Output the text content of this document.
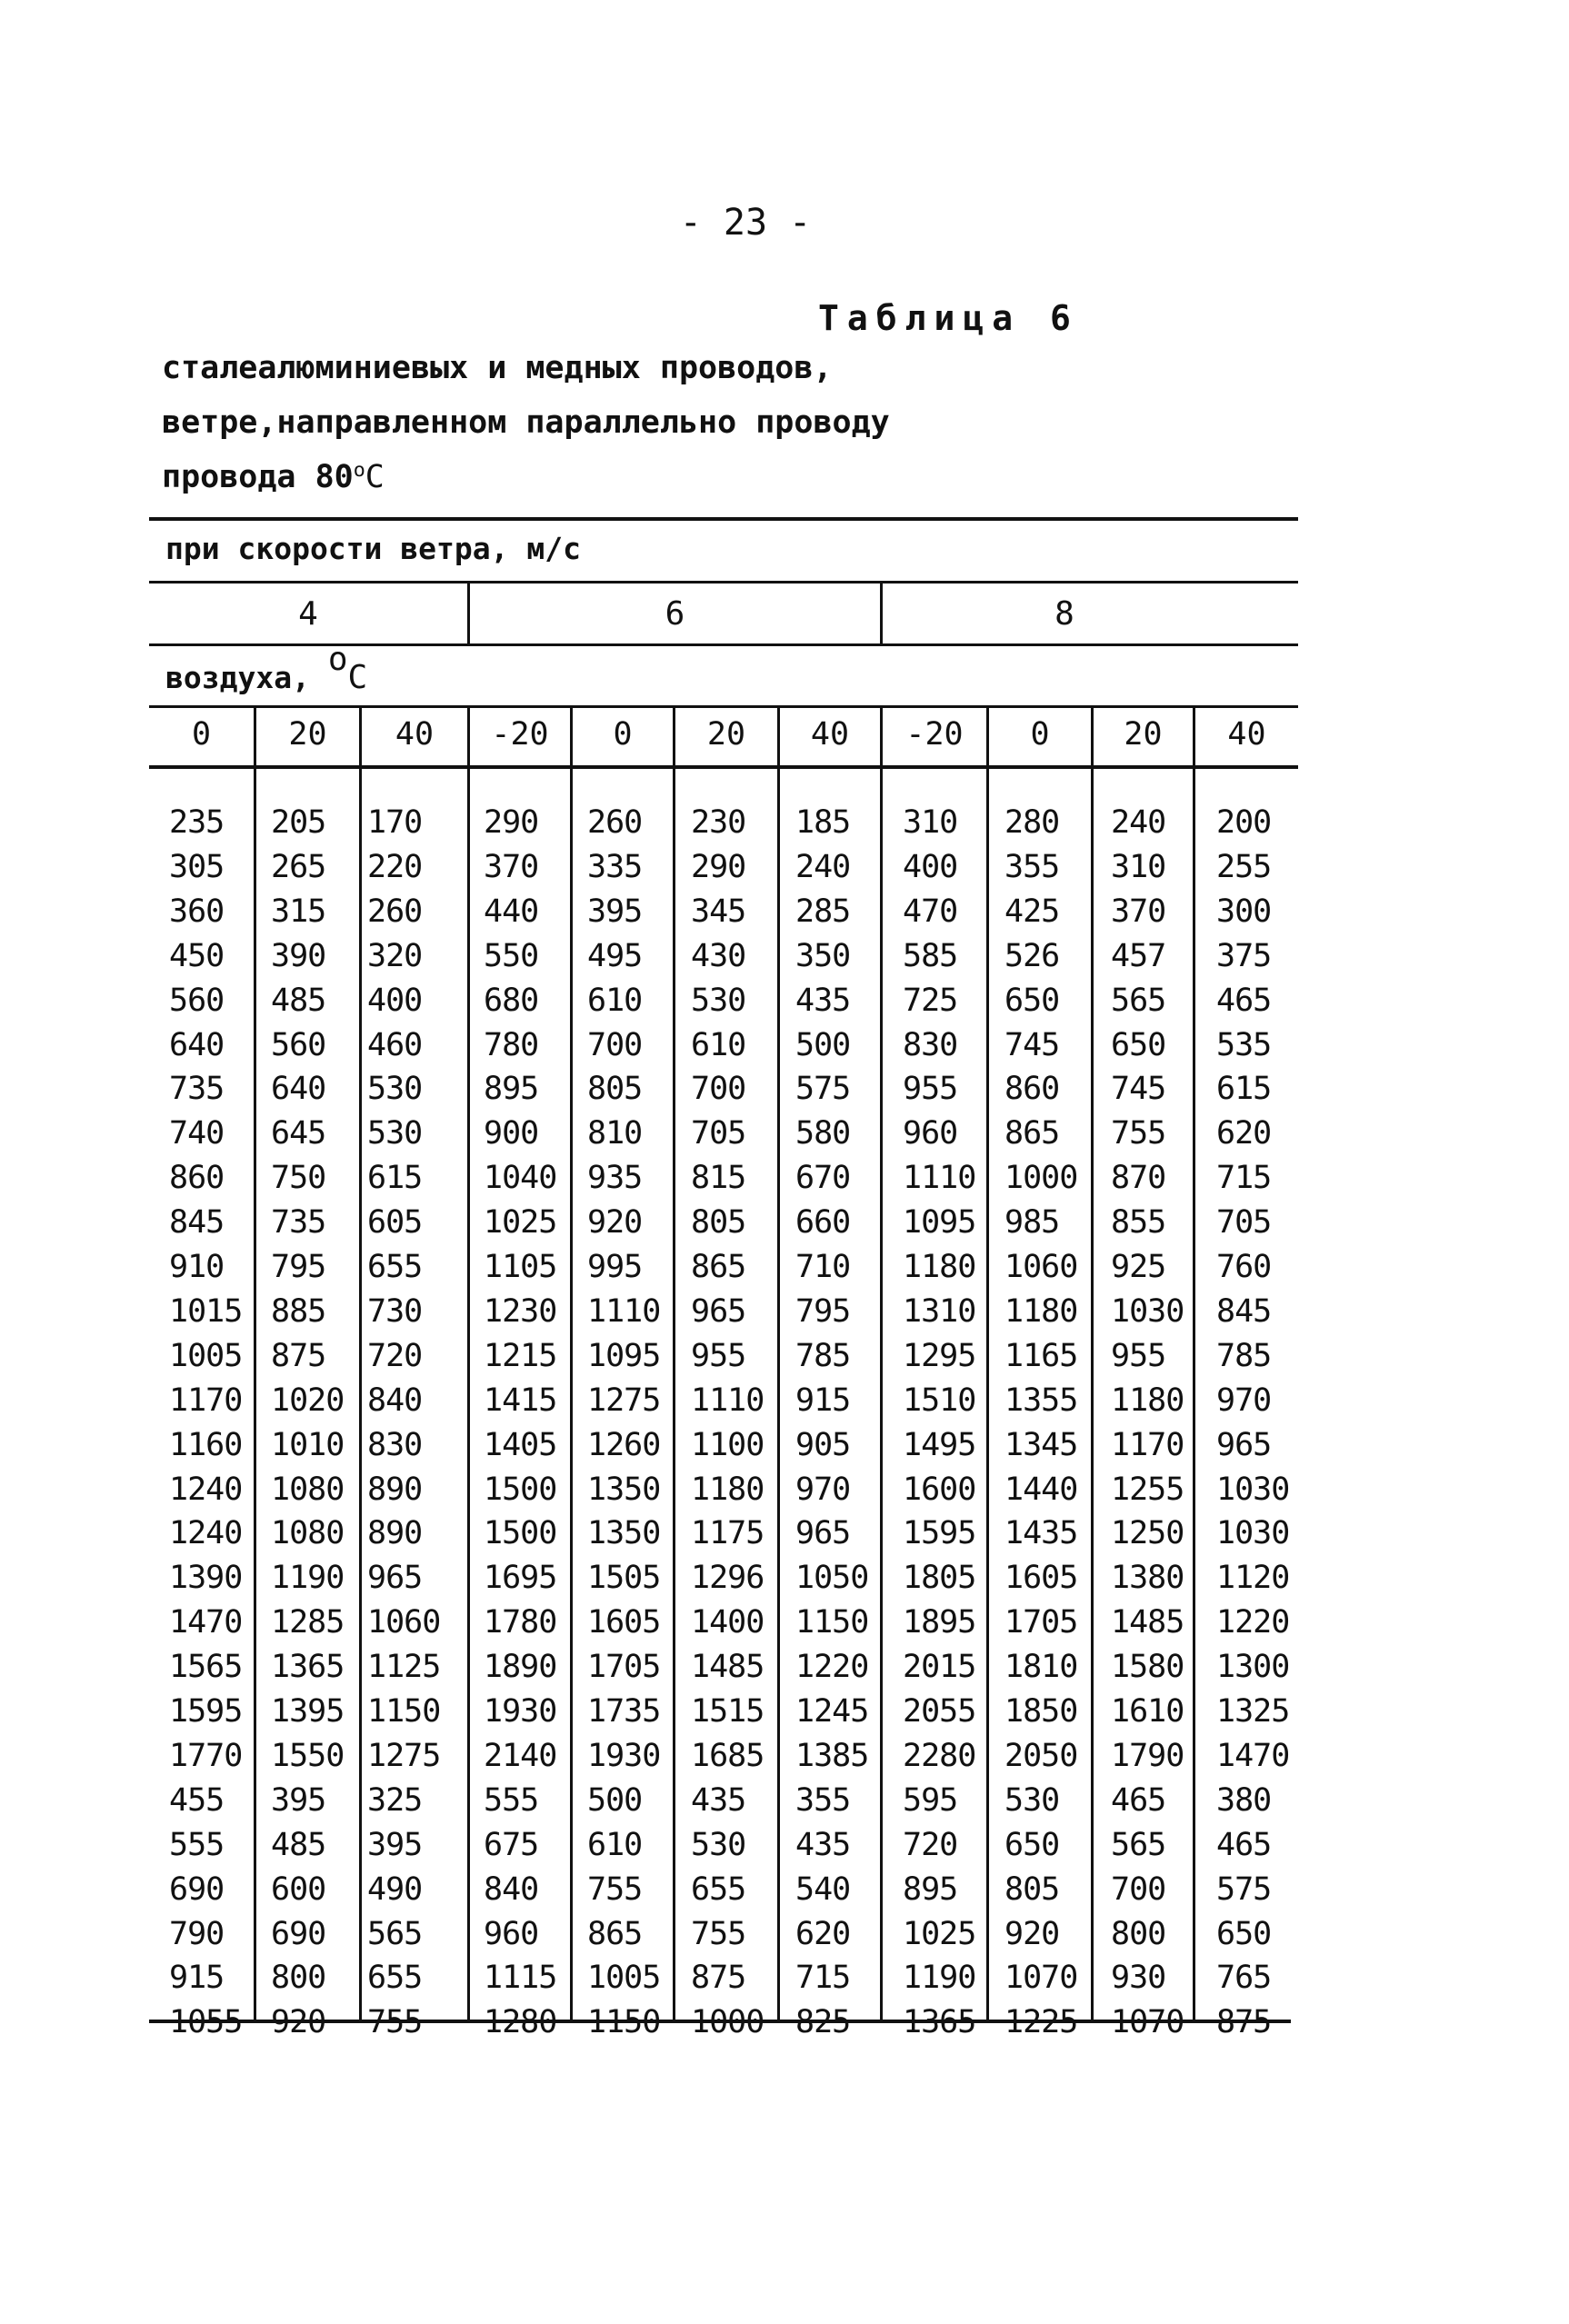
- 23 -
Таблица 6
сталеалюминиевых и медных проводов,
ветре,направленном параллельно проводу
провода $80^оС$
при скорости ветра, м/с
4	6	8
воздуха, $^о$С
0	20	40	-20	0	20	40	-20	0	20	40
235 205 170 290 260 230 185 310 280 240 200
305 265 220 370 335 290 240 400 355 310 255
360 315 260 440 395 345 285 470 425 370 300
450 390 320 550 495 430 350 585 526 457 375
560 485 400 680 610 530 435 725 650 565 465
640 560 460 780 700 610 500 830 745 650 535
735 640 530 895 805 700 575 955 860 745 615
740 645 530 900 810 705 580 960 865 755 620
860 750 615 1040 935 815 670 1110 1000 870 715
845 735 605 1025 920 805 660 1095 985 855 705
910 795 655 1105 995 865 710 1180 1060 925 760
1015 885 730 1230 1110 965 795 1310 1180 1030 845
1005 875 720 1215 1095 955 785 1295 1165 955 785
1170 1020 840 1415 1275 1110 915 1510 1355 1180 970
1160 1010 830 1405 1260 1100 905 1495 1345 1170 965
1240 1080 890 1500 1350 1180 970 1600 1440 1255 1030
1240 1080 890 1500 1350 1175 965 1595 1435 1250 1030
1390 1190 965 1695 1505 1296 1050 1805 1605 1380 1120
1470 1285 1060 1780 1605 1400 1150 1895 1705 1485 1220
1565 1365 1125 1890 1705 1485 1220 2015 1810 1580 1300
1595 1395 1150 1930 1735 1515 1245 2055 1850 1610 1325
1770 1550 1275 2140 1930 1685 1385 2280 2050 1790 1470
455 395 325 555 500 435 355 595 530 465 380
555 485 395 675 610 530 435 720 650 565 465
690 600 490 840 755 655 540 895 805 700 575
790 690 565 960 865 755 620 1025 920 800 650
915 800 655 1115 1005 875 715 1190 1070 930 765
1055 920 755 1280 1150 1000 825 1365 1225 1070 875
